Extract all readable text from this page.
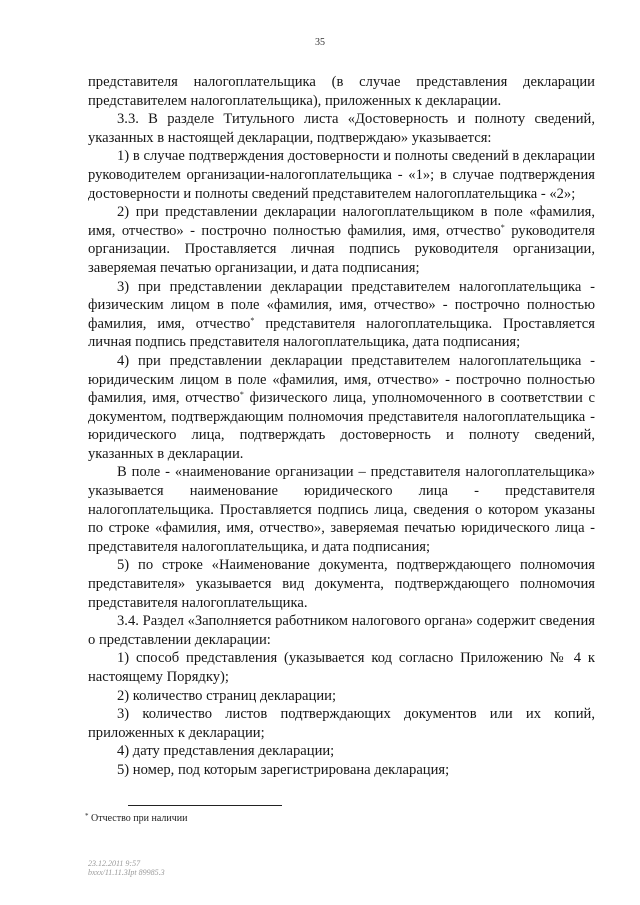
35

представителя налогоплательщика (в случае представления декларации представителем налогоплательщика), приложенных к декларации.

3.3. В разделе Титульного листа «Достоверность и полноту сведений, указанных в настоящей декларации, подтверждаю» указывается:

1) в случае подтверждения достоверности и полноты сведений в декларации руководителем организации-налогоплательщика - «1»; в случае подтверждения достоверности и полноты сведений представителем налогоплательщика - «2»;

2) при представлении декларации налогоплательщиком в поле «фамилия, имя, отчество» - построчно полностью фамилия, имя, отчество* руководителя организации. Проставляется личная подпись руководителя организации, заверяемая печатью организации, и дата подписания;

3) при представлении декларации представителем налогоплательщика - физическим лицом в поле «фамилия, имя, отчество» - построчно полностью фамилия, имя, отчество* представителя налогоплательщика. Проставляется личная подпись представителя налогоплательщика, дата подписания;

4) при представлении декларации представителем налогоплательщика - юридическим лицом в поле «фамилия, имя, отчество» - построчно полностью фамилия, имя, отчество* физического лица, уполномоченного в соответствии с документом, подтверждающим полномочия представителя налогоплательщика - юридического лица, подтверждать достоверность и полноту сведений, указанных в декларации.

В поле - «наименование организации – представителя налогоплательщика» указывается наименование юридического лица - представителя налогоплательщика. Проставляется подпись лица, сведения о котором указаны по строке «фамилия, имя, отчество», заверяемая печатью юридического лица - представителя налогоплательщика, и дата подписания;

5) по строке «Наименование документа, подтверждающего полномочия представителя» указывается вид документа, подтверждающего полномочия представителя налогоплательщика.

3.4. Раздел «Заполняется работником налогового органа» содержит сведения о представлении декларации:

1) способ представления (указывается код согласно Приложению № 4 к настоящему Порядку);

2) количество страниц декларации;

3) количество листов подтверждающих документов или их копий, приложенных к декларации;

4) дату представления декларации;

5) номер, под которым зарегистрирована декларация;

* Отчество при наличии
23.12.2011 9:57
bxxx/11.11.3Ipt 89985.3
